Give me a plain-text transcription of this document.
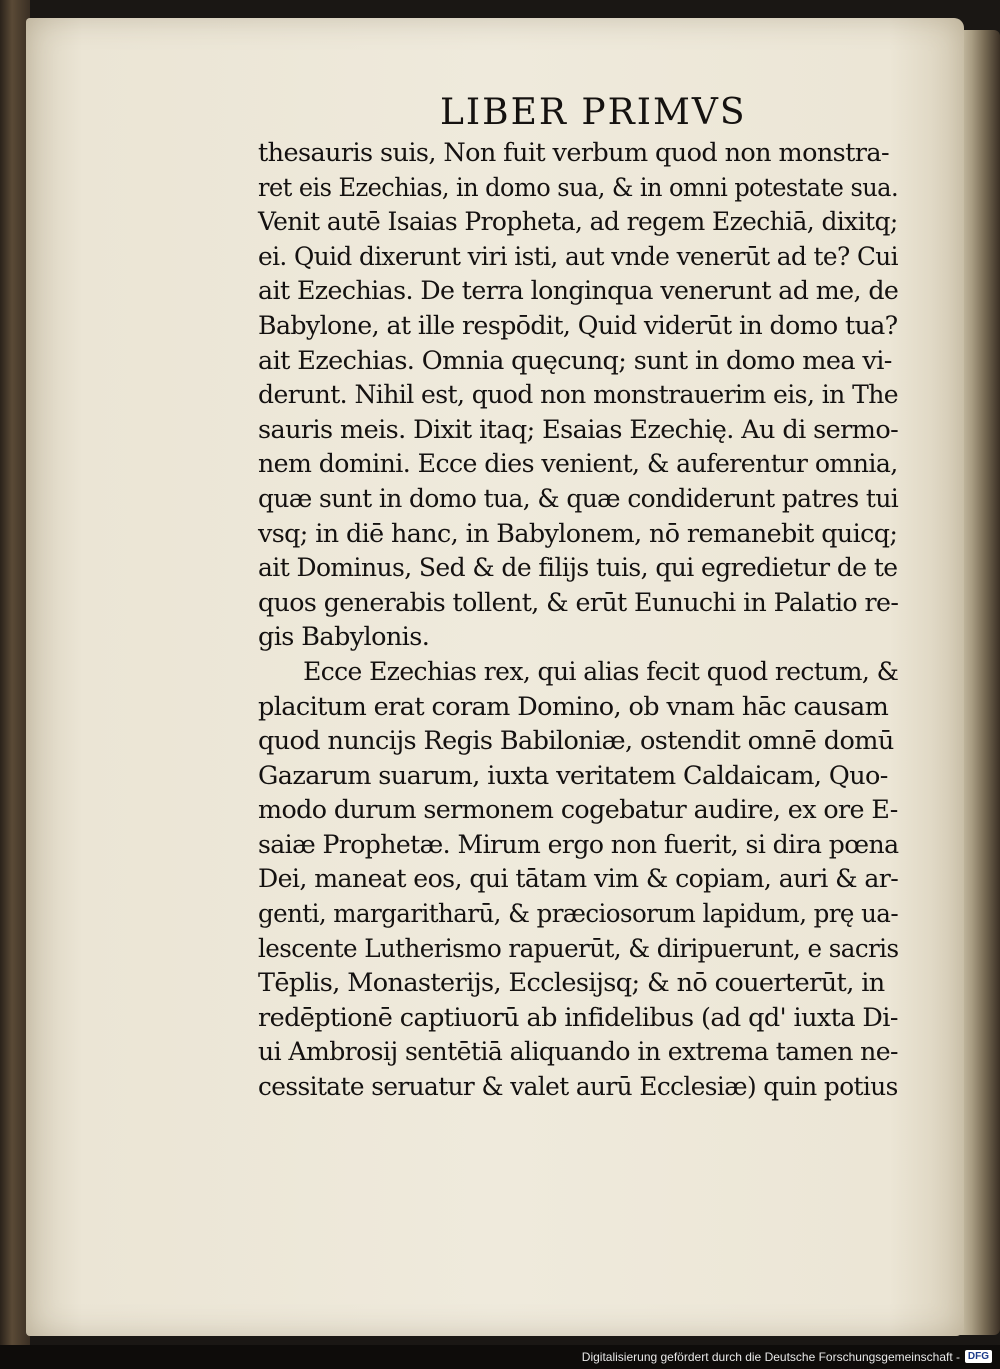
LIBER PRIMVS
thesauris suis, Non fuit verbum quod non monstra-
ret eis Ezechias, in domo sua, & in omni potestate sua.
Venit autē Isaias Propheta, ad regem Ezechiā, dixitq;
ei. Quid dixerunt viri isti, aut vnde venerūt ad te? Cui
ait Ezechias. De terra longinqua venerunt ad me, de
Babylone, at ille respōdit, Quid viderūt in domo tua?
ait Ezechias. Omnia quęcunq; sunt in domo mea vi-
derunt. Nihil est, quod non monstrauerim eis, in The
sauris meis. Dixit itaq; Esaias Ezechię. Au di sermo-
nem domini. Ecce dies venient, & auferentur omnia,
quæ sunt in domo tua, & quæ condiderunt patres tui
vsq; in diē hanc, in Babylonem, nō remanebit quicq;
ait Dominus, Sed & de filijs tuis, qui egredietur de te
quos generabis tollent, & erūt Eunuchi in Palatio re-
gis Babylonis.
Ecce Ezechias rex, qui alias fecit quod rectum, &
placitum erat coram Domino, ob vnam hāc causam
quod nuncijs Regis Babiloniæ, ostendit omnē domū
Gazarum suarum, iuxta veritatem Caldaicam, Quo-
modo durum sermonem cogebatur audire, ex ore E-
saiæ Prophetæ. Mirum ergo non fuerit, si dira pœna
Dei, maneat eos, qui tātam vim & copiam, auri & ar-
genti, margaritharū, & præciosorum lapidum, prę ua-
lescente Lutherismo rapuerūt, & diripuerunt, e sacris
Tēplis, Monasterijs, Ecclesijsq; & nō couerterūt, in
redēptionē captiuorū ab infidelibus (ad qd' iuxta Di-
ui Ambrosij sentētiā aliquando in extrema tamen ne-
cessitate seruatur & valet aurū Ecclesiæ) quin potius
Digitalisierung gefördert durch die Deutsche Forschungsgemeinschaft - DFG
